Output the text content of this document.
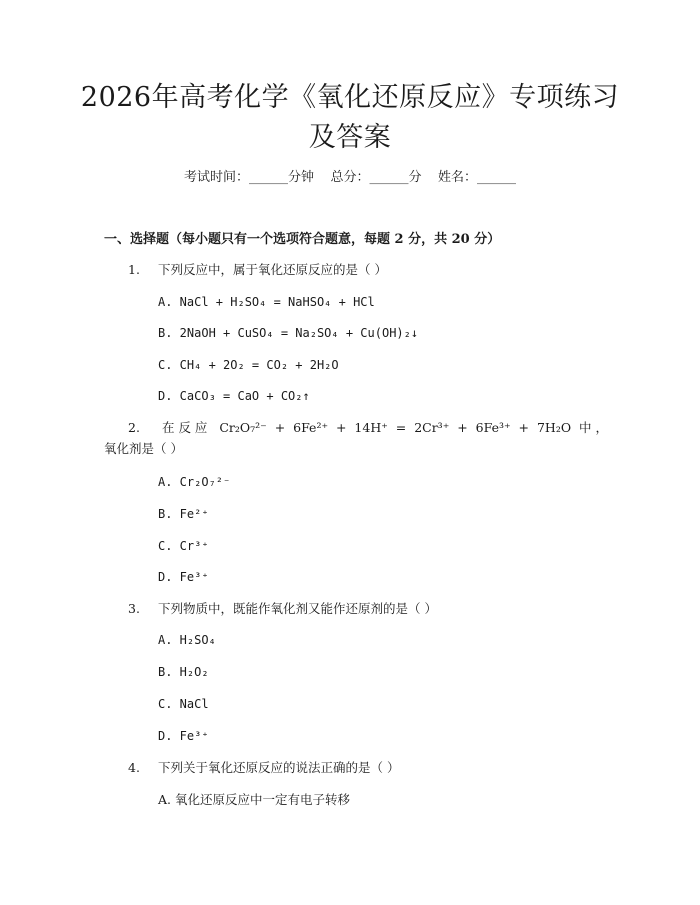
2026年高考化学《氧化还原反应》专项练习
及答案
考试时间：______分钟    总分：______分    姓名：______
一、选择题（每小题只有一个选项符合题意，每题 2 分，共 20 分）
1. 下列反应中，属于氧化还原反应的是（ ）
A. NaCl + H₂SO₄ = NaHSO₄ + HCl
B. 2NaOH + CuSO₄ = Na₂SO₄ + Cu(OH)₂↓
C. CH₄ + 2O₂ = CO₂ + 2H₂O
D. CaCO₃ = CaO + CO₂↑
2. 在反应 Cr₂O₇²⁻ + 6Fe²⁺ + 14H⁺ = 2Cr³⁺ + 6Fe³⁺ + 7H₂O 中，
氧化剂是（ ）
A. Cr₂O₇²⁻
B. Fe²⁺
C. Cr³⁺
D. Fe³⁺
3. 下列物质中，既能作氧化剂又能作还原剂的是（ ）
A. H₂SO₄
B. H₂O₂
C. NaCl
D. Fe³⁺
4. 下列关于氧化还原反应的说法正确的是（ ）
A. 氧化还原反应中一定有电子转移
